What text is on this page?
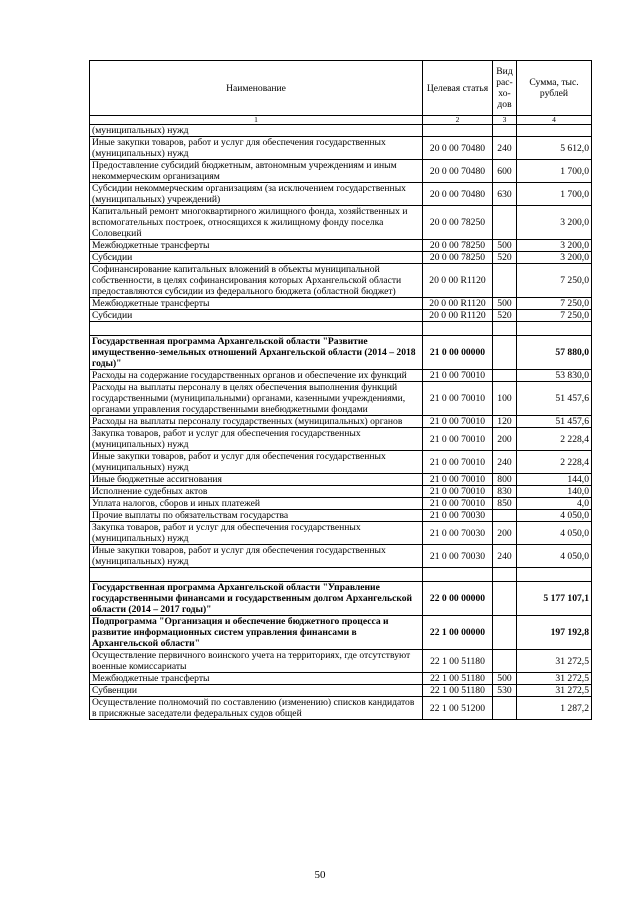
Наименование	Целевая статья	Вид рас-хо-дов	Сумма, тыс. рублей
1	2	3	4
(муниципальных) нужд			
Иные закупки товаров, работ и услуг для обеспечения государственных (муниципальных) нужд	20 0 00 70480	240	5 612,0
Предоставление субсидий бюджетным, автономным учреждениям и иным некоммерческим организациям	20 0 00 70480	600	1 700,0
Субсидии некоммерческим организациям (за исключением государственных (муниципальных) учреждений)	20 0 00 70480	630	1 700,0
Капитальный ремонт многоквартирного жилищного фонда, хозяйственных и вспомогательных построек, относящихся к жилищному фонду поселка Соловецкий	20 0 00 78250		3 200,0
Межбюджетные трансферты	20 0 00 78250	500	3 200,0
Субсидии	20 0 00 78250	520	3 200,0
Софинансирование капитальных вложений в объекты муниципальной собственности, в целях софинансирования которых Архангельской области предоставляются субсидии из федерального бюджета (областной бюджет)	20 0 00 R1120		7 250,0
Межбюджетные трансферты	20 0 00 R1120	500	7 250,0
Субсидии	20 0 00 R1120	520	7 250,0

Государственная программа Архангельской области "Развитие имущественно-земельных отношений Архангельской области (2014 – 2018 годы)"	21 0 00 00000		57 880,0
Расходы на содержание государственных органов и обеспечение их функций	21 0 00 70010		53 830,0
Расходы на выплаты персоналу в целях обеспечения выполнения функций государственными (муниципальными) органами, казенными учреждениями, органами управления государственными внебюджетными фондами	21 0 00 70010	100	51 457,6
Расходы на выплаты персоналу государственных (муниципальных) органов	21 0 00 70010	120	51 457,6
Закупка товаров, работ и услуг для обеспечения государственных (муниципальных) нужд	21 0 00 70010	200	2 228,4
Иные закупки товаров, работ и услуг для обеспечения государственных (муниципальных) нужд	21 0 00 70010	240	2 228,4
Иные бюджетные ассигнования	21 0 00 70010	800	144,0
Исполнение судебных актов	21 0 00 70010	830	140,0
Уплата налогов, сборов и иных платежей	21 0 00 70010	850	4,0
Прочие выплаты по обязательствам государства	21 0 00 70030		4 050,0
Закупка товаров, работ и услуг для обеспечения государственных (муниципальных) нужд	21 0 00 70030	200	4 050,0
Иные закупки товаров, работ и услуг для обеспечения государственных (муниципальных) нужд	21 0 00 70030	240	4 050,0

Государственная программа Архангельской области "Управление государственными финансами и государственным долгом Архангельской области (2014 – 2017 годы)"	22 0 00 00000		5 177 107,1
Подпрограмма "Организация и обеспечение бюджетного процесса и развитие информационных систем управления финансами в Архангельской области"	22 1 00 00000		197 192,8
Осуществление первичного воинского учета на территориях, где отсутствуют военные комиссариаты	22 1 00 51180		31 272,5
Межбюджетные трансферты	22 1 00 51180	500	31 272,5
Субвенции	22 1 00 51180	530	31 272,5
Осуществление полномочий по составлению (изменению) списков кандидатов в присяжные заседатели федеральных судов общей	22 1 00 51200		1 287,2
50
